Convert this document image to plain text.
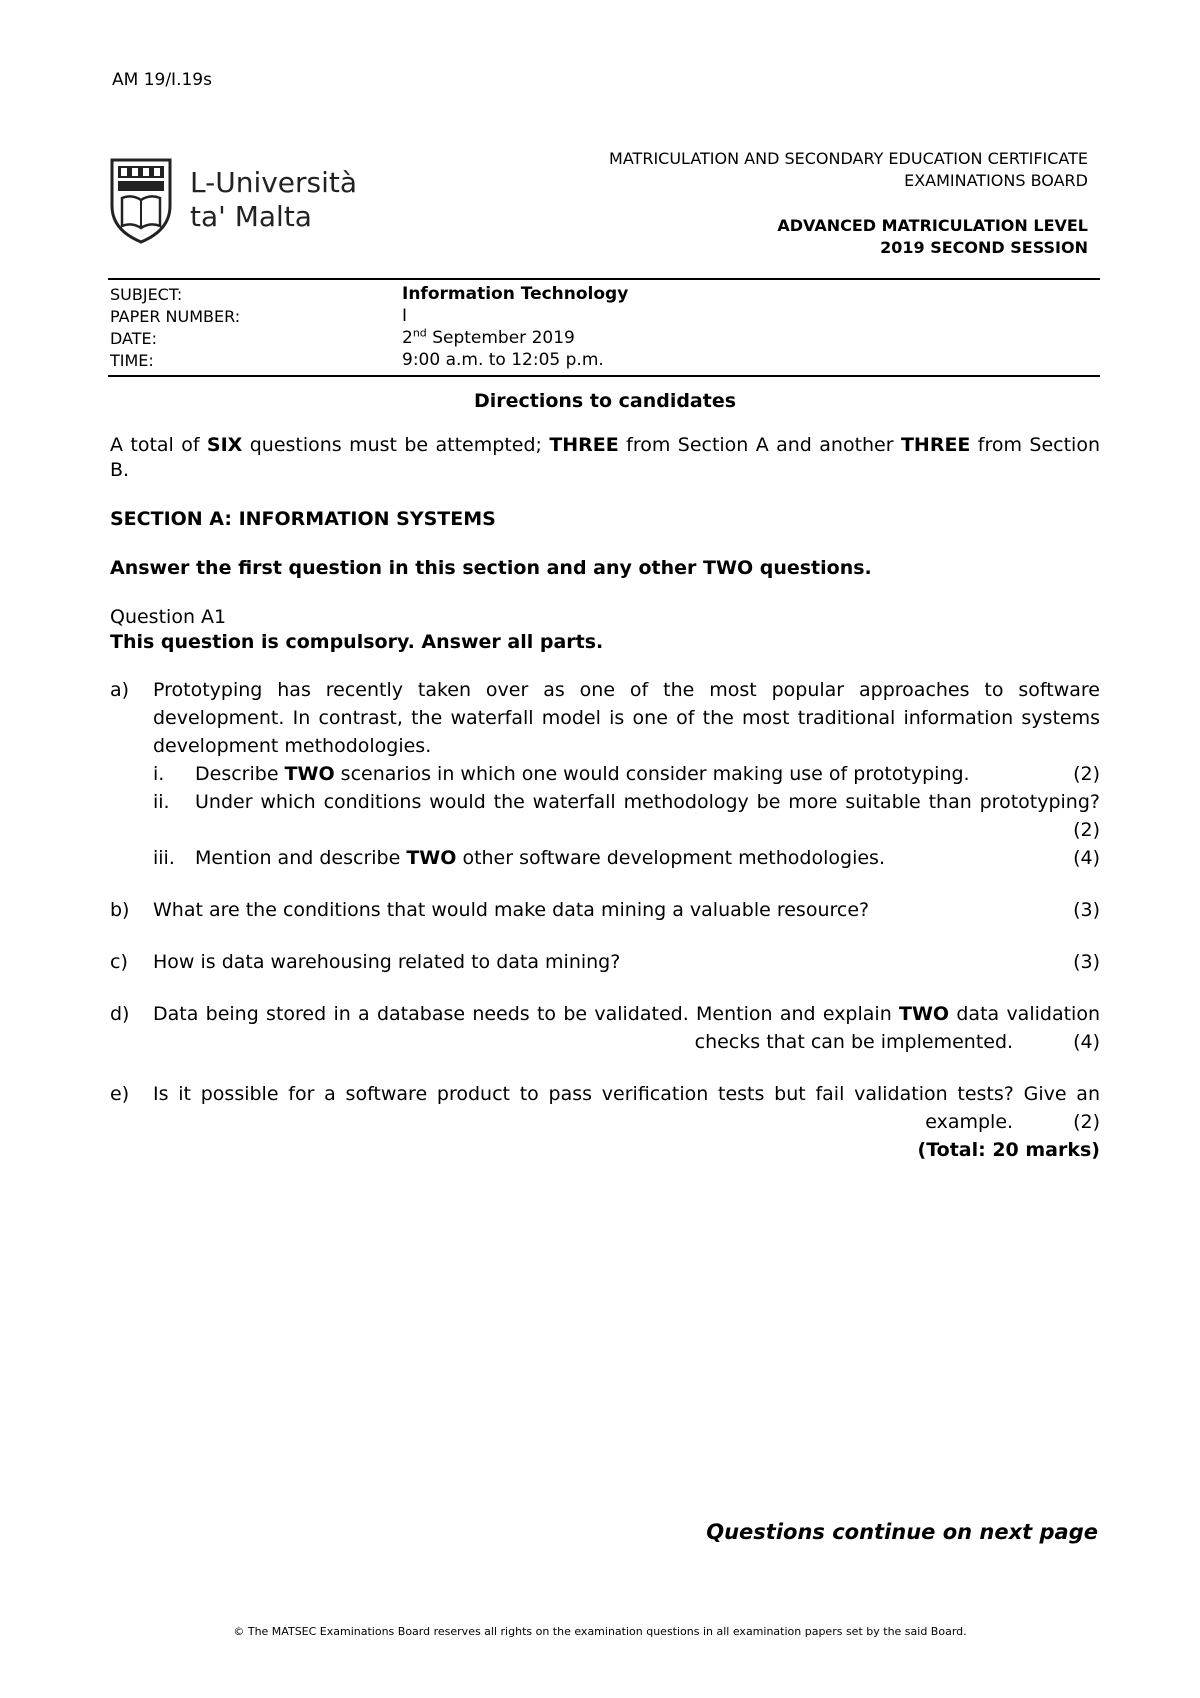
AM 19/I.19s
L-Università
ta' Malta
MATRICULATION AND SECONDARY EDUCATION CERTIFICATE
EXAMINATIONS BOARD
ADVANCED MATRICULATION LEVEL
2019 SECOND SESSION
SUBJECT:	Information Technology
PAPER NUMBER:	I
DATE:	2nd September 2019
TIME:	9:00 a.m. to 12:05 p.m.
Directions to candidates

A total of SIX questions must be attempted; THREE from Section A and another THREE from Section B.

SECTION A: INFORMATION SYSTEMS

Answer the first question in this section and any other TWO questions.

Question A1

This question is compulsory. Answer all parts.

a)	Prototyping has recently taken over as one of the most popular approaches to software development. In contrast, the waterfall model is one of the most traditional information systems development methodologies.
i.	Describe TWO scenarios in which one would consider making use of prototyping.	(2)
ii.	Under which conditions would the waterfall methodology be more suitable than prototyping?(2)
iii.	Mention and describe TWO other software development methodologies.	(4)
b)	What are the conditions that would make data mining a valuable resource?	(3)
c)	How is data warehousing related to data mining?	(3)
d)	Data being stored in a database needs to be validated. Mention and explain TWO data validation checks that can be implemented.	(4)
e)	Is it possible for a software product to pass verification tests but fail validation tests? Give an example.	(2)
(Total: 20 marks)
Questions continue on next page
© The MATSEC Examinations Board reserves all rights on the examination questions in all examination papers set by the said Board.
